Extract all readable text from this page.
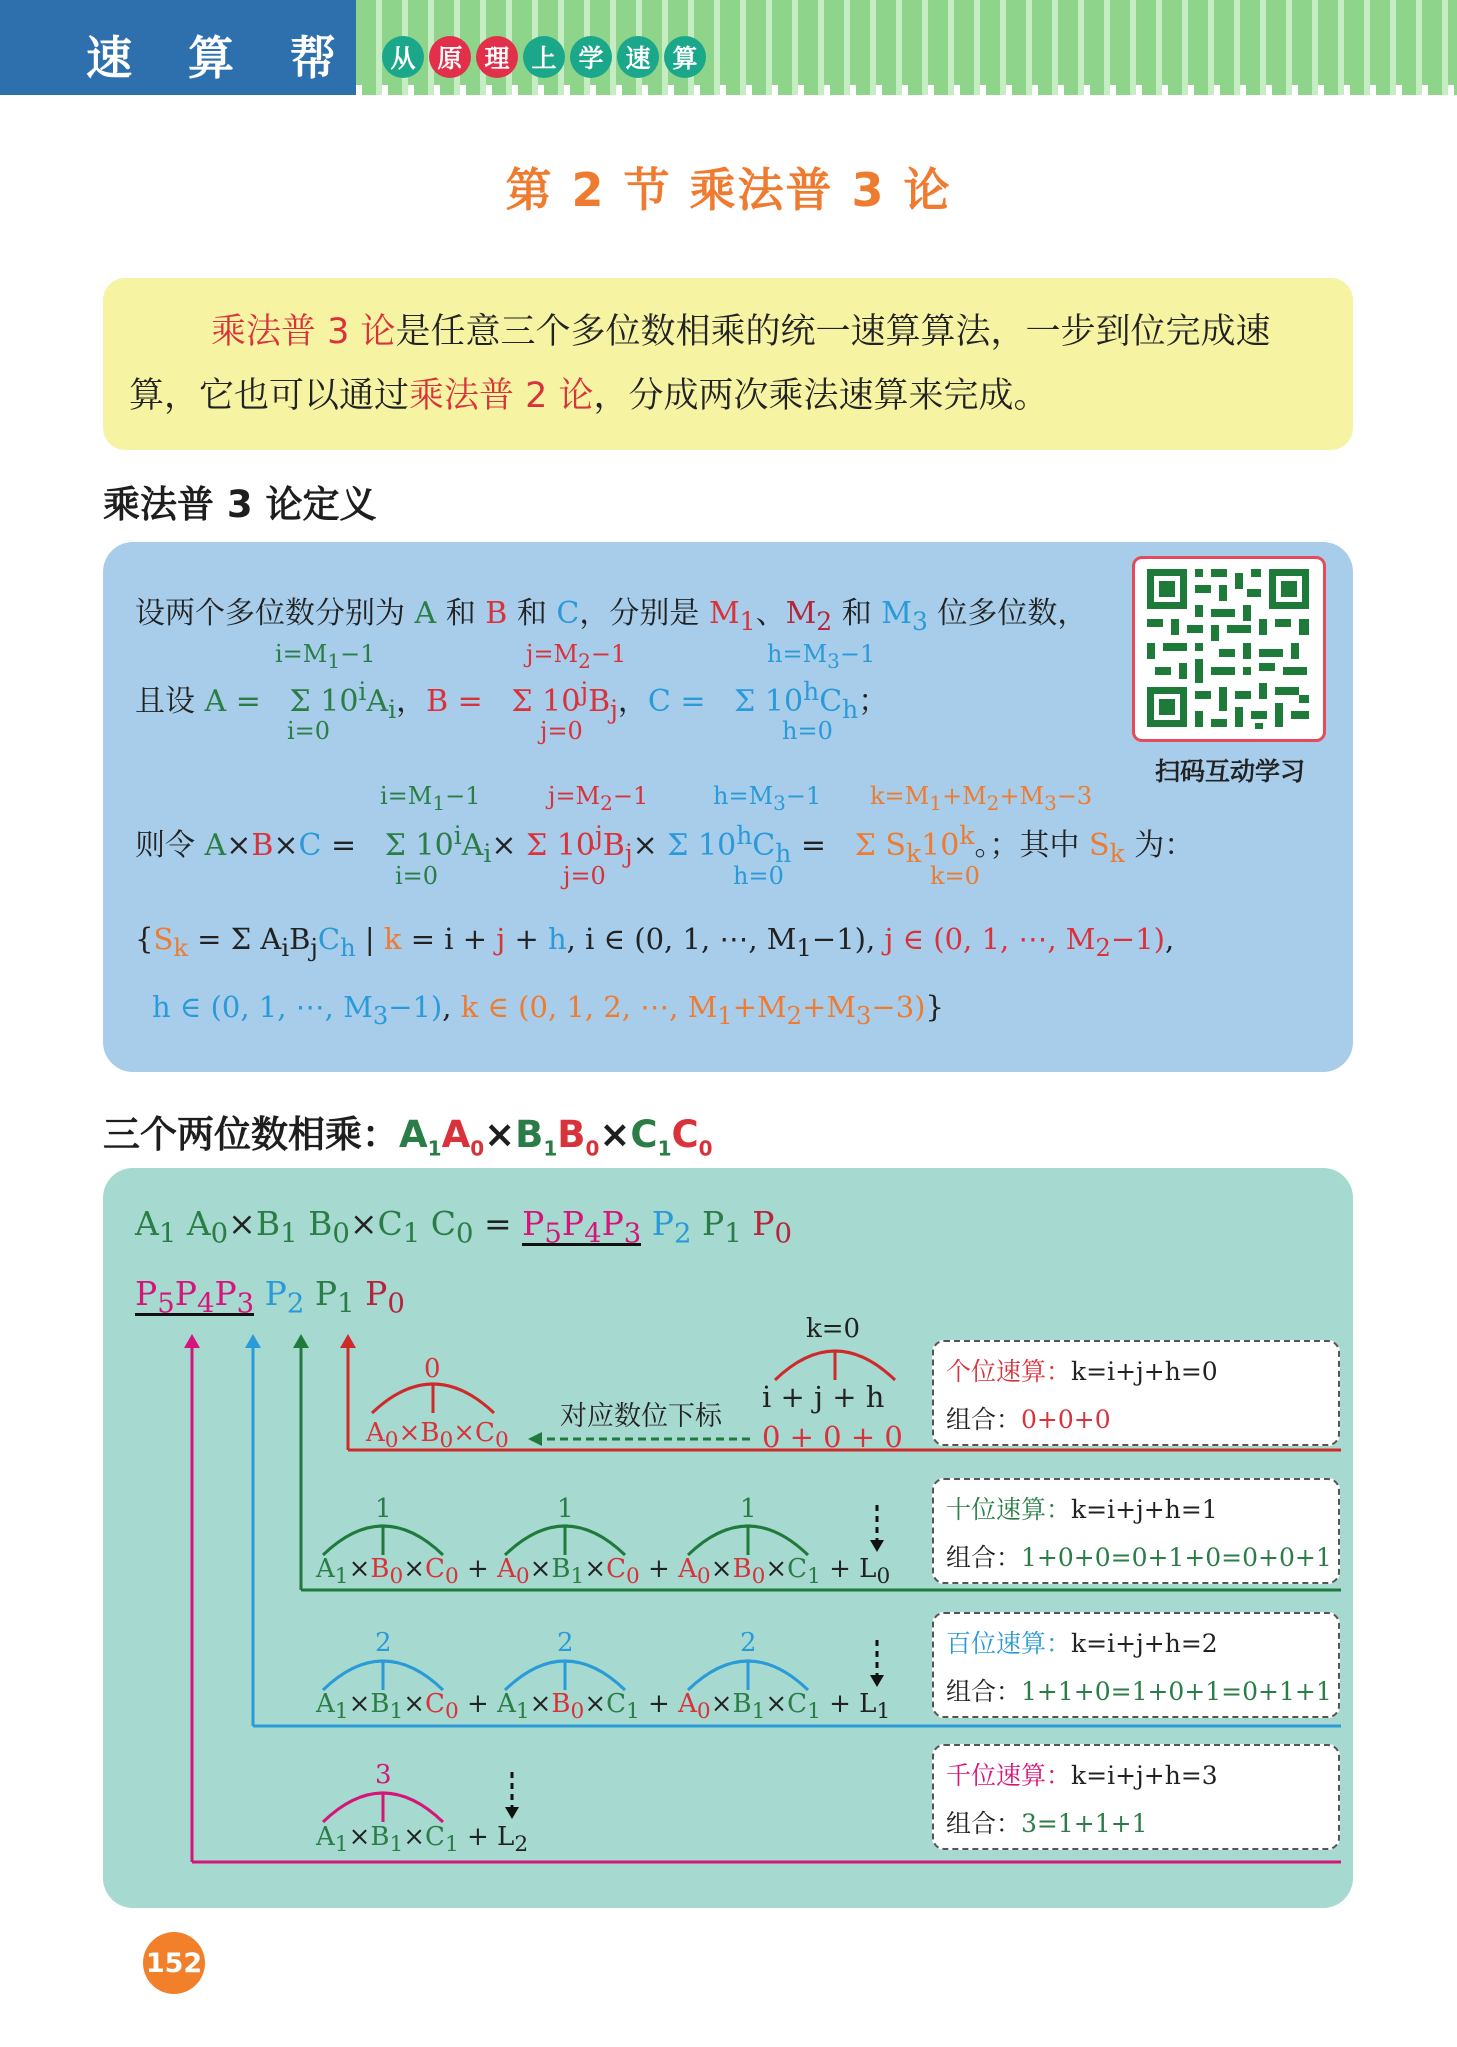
速 算 帮	从 原 理 上 学 速 算
第 2 节 乘法普 3 论

乘法普 3 论是任意三个多位数相乘的统一速算算法，一步到位完成速算，它也可以通过乘法普 2 论，分成两次乘法速算来完成。

乘法普 3 论定义
扫码互动学习
设两个多位数分别为 A 和 B 和 C，分别是 $M_1$、$M_2$ 和 $M_3$ 位多位数，
$i=M_1-1$
i=0
$j=M_2-1$
j=0
$h=M_3-1$
h=0
且设 A =   Σ $10^iA_i$，B =   Σ $10^jB_j$，C =   Σ $10^hC_h$；
$i=M_1-1$
i=0
$j=M_2-1$
j=0
$h=M_3-1$
h=0
$k=M_1+M_2+M_3-3$
k=0
则令 A×B×C =   Σ $10^iA_i\times \Sigma$ $10^jB_j\times \Sigma$ $10^hC_h = \Sigma$ $S_k10^k$。；其中 $S_k$ 为：
{$S_k = \Sigma$ $A_iB_jC_h$ | k = i + j + h, i ∈ (0, 1, ⋯, $M_1-1$), j ∈ (0, 1, ⋯, $M_2-1$),
h ∈ (0, 1, ⋯, $M_3-1$), k ∈ (0, 1, 2, ⋯, $M_1+M_2+M_3-3$)}
三个两位数相乘：$A_1A_0\times B_1B_0\times C_1C_0$
$A_1$ $A_0\times B_1$ $B_0\times C_1$ $C_0 = P_5P_4P_3$ $P_2$ $P_1$ $P_0$
$P_5P_4P_3$ $P_2$ $P_1$ $P_0$
0
$A_0\times B_0\times C_0$
对应数位下标
k=0
i + j + h
0 + 0 + 0
1	1	1
$A_1\times B_0\times C_0 + A_0\times B_1\times C_0 + A_0\times B_0\times C_1 + L_0$
2	2	2
$A_1\times B_1\times C_0 + A_1\times B_0\times C_1 + A_0\times B_1\times C_1 + L_1$
3
$A_1\times B_1\times C_1 + L_2$
个位速算：k=i+j+h=0
组合：0+0+0
十位速算：k=i+j+h=1
组合：1+0+0=0+1+0=0+0+1
百位速算：k=i+j+h=2
组合：1+1+0=1+0+1=0+1+1
千位速算：k=i+j+h=3
组合：3=1+1+1
152
